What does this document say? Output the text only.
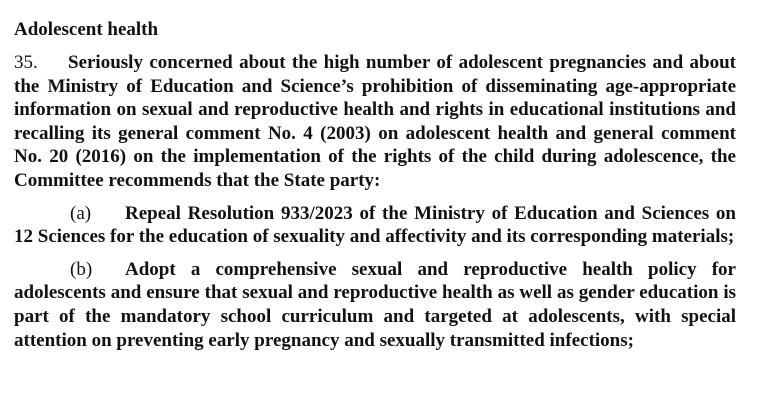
Adolescent health

35. Seriously concerned about the high number of adolescent pregnancies and about the Ministry of Education and Science’s prohibition of disseminating age-appropriate information on sexual and reproductive health and rights in educational institutions and recalling its general comment No. 4 (2003) on adolescent health and general comment No. 20 (2016) on the implementation of the rights of the child during adolescence, the Committee recommends that the State party:

(a) Repeal Resolution 933/2023 of the Ministry of Education and Sciences on 12 Sciences for the education of sexuality and affectivity and its corresponding materials;

(b) Adopt a comprehensive sexual and reproductive health policy for adolescents and ensure that sexual and reproductive health as well as gender education is part of the mandatory school curriculum and targeted at adolescents, with special attention on preventing early pregnancy and sexually transmitted infections;
